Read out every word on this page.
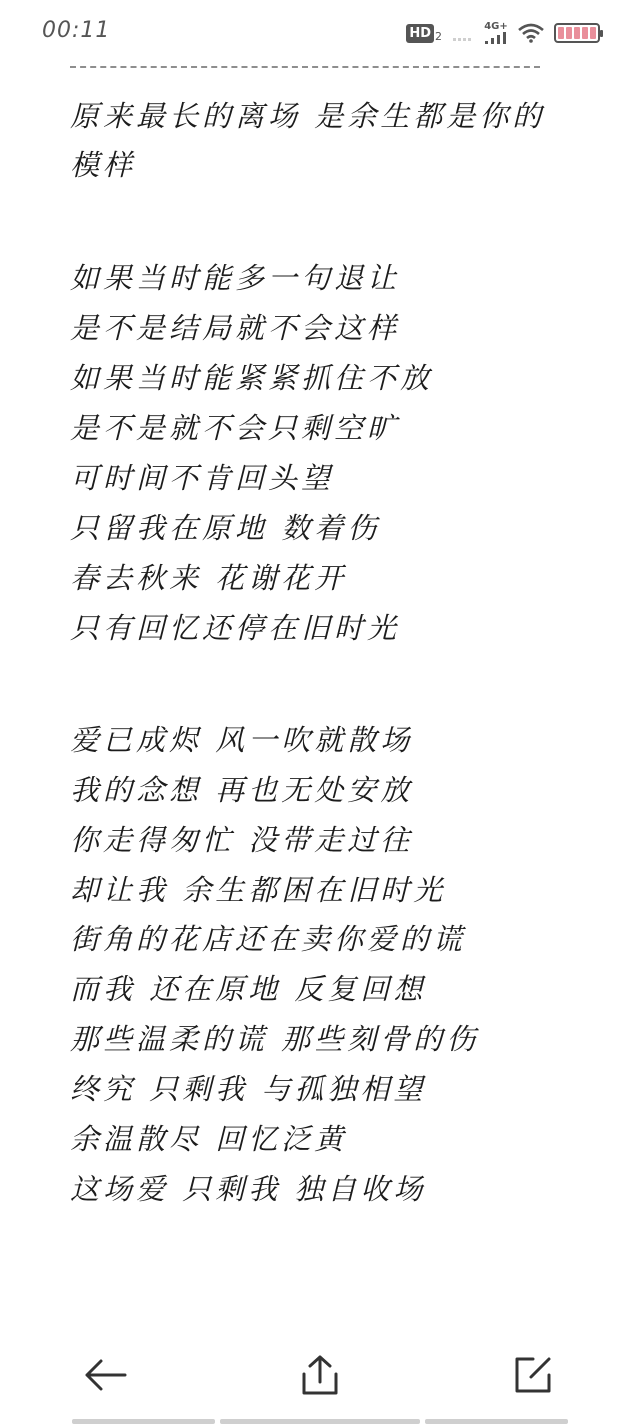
00:11	HD 2
4G+
原来最长的离场 是余生都是你的
模样
如果当时能多一句退让
是不是结局就不会这样
如果当时能紧紧抓住不放
是不是就不会只剩空旷
可时间不肯回头望
只留我在原地 数着伤
春去秋来 花谢花开
只有回忆还停在旧时光
爱已成烬 风一吹就散场
我的念想 再也无处安放
你走得匆忙 没带走过往
却让我 余生都困在旧时光
街角的花店还在卖你爱的谎
而我 还在原地 反复回想
那些温柔的谎 那些刻骨的伤
终究 只剩我 与孤独相望
余温散尽 回忆泛黄
这场爱 只剩我 独自收场
